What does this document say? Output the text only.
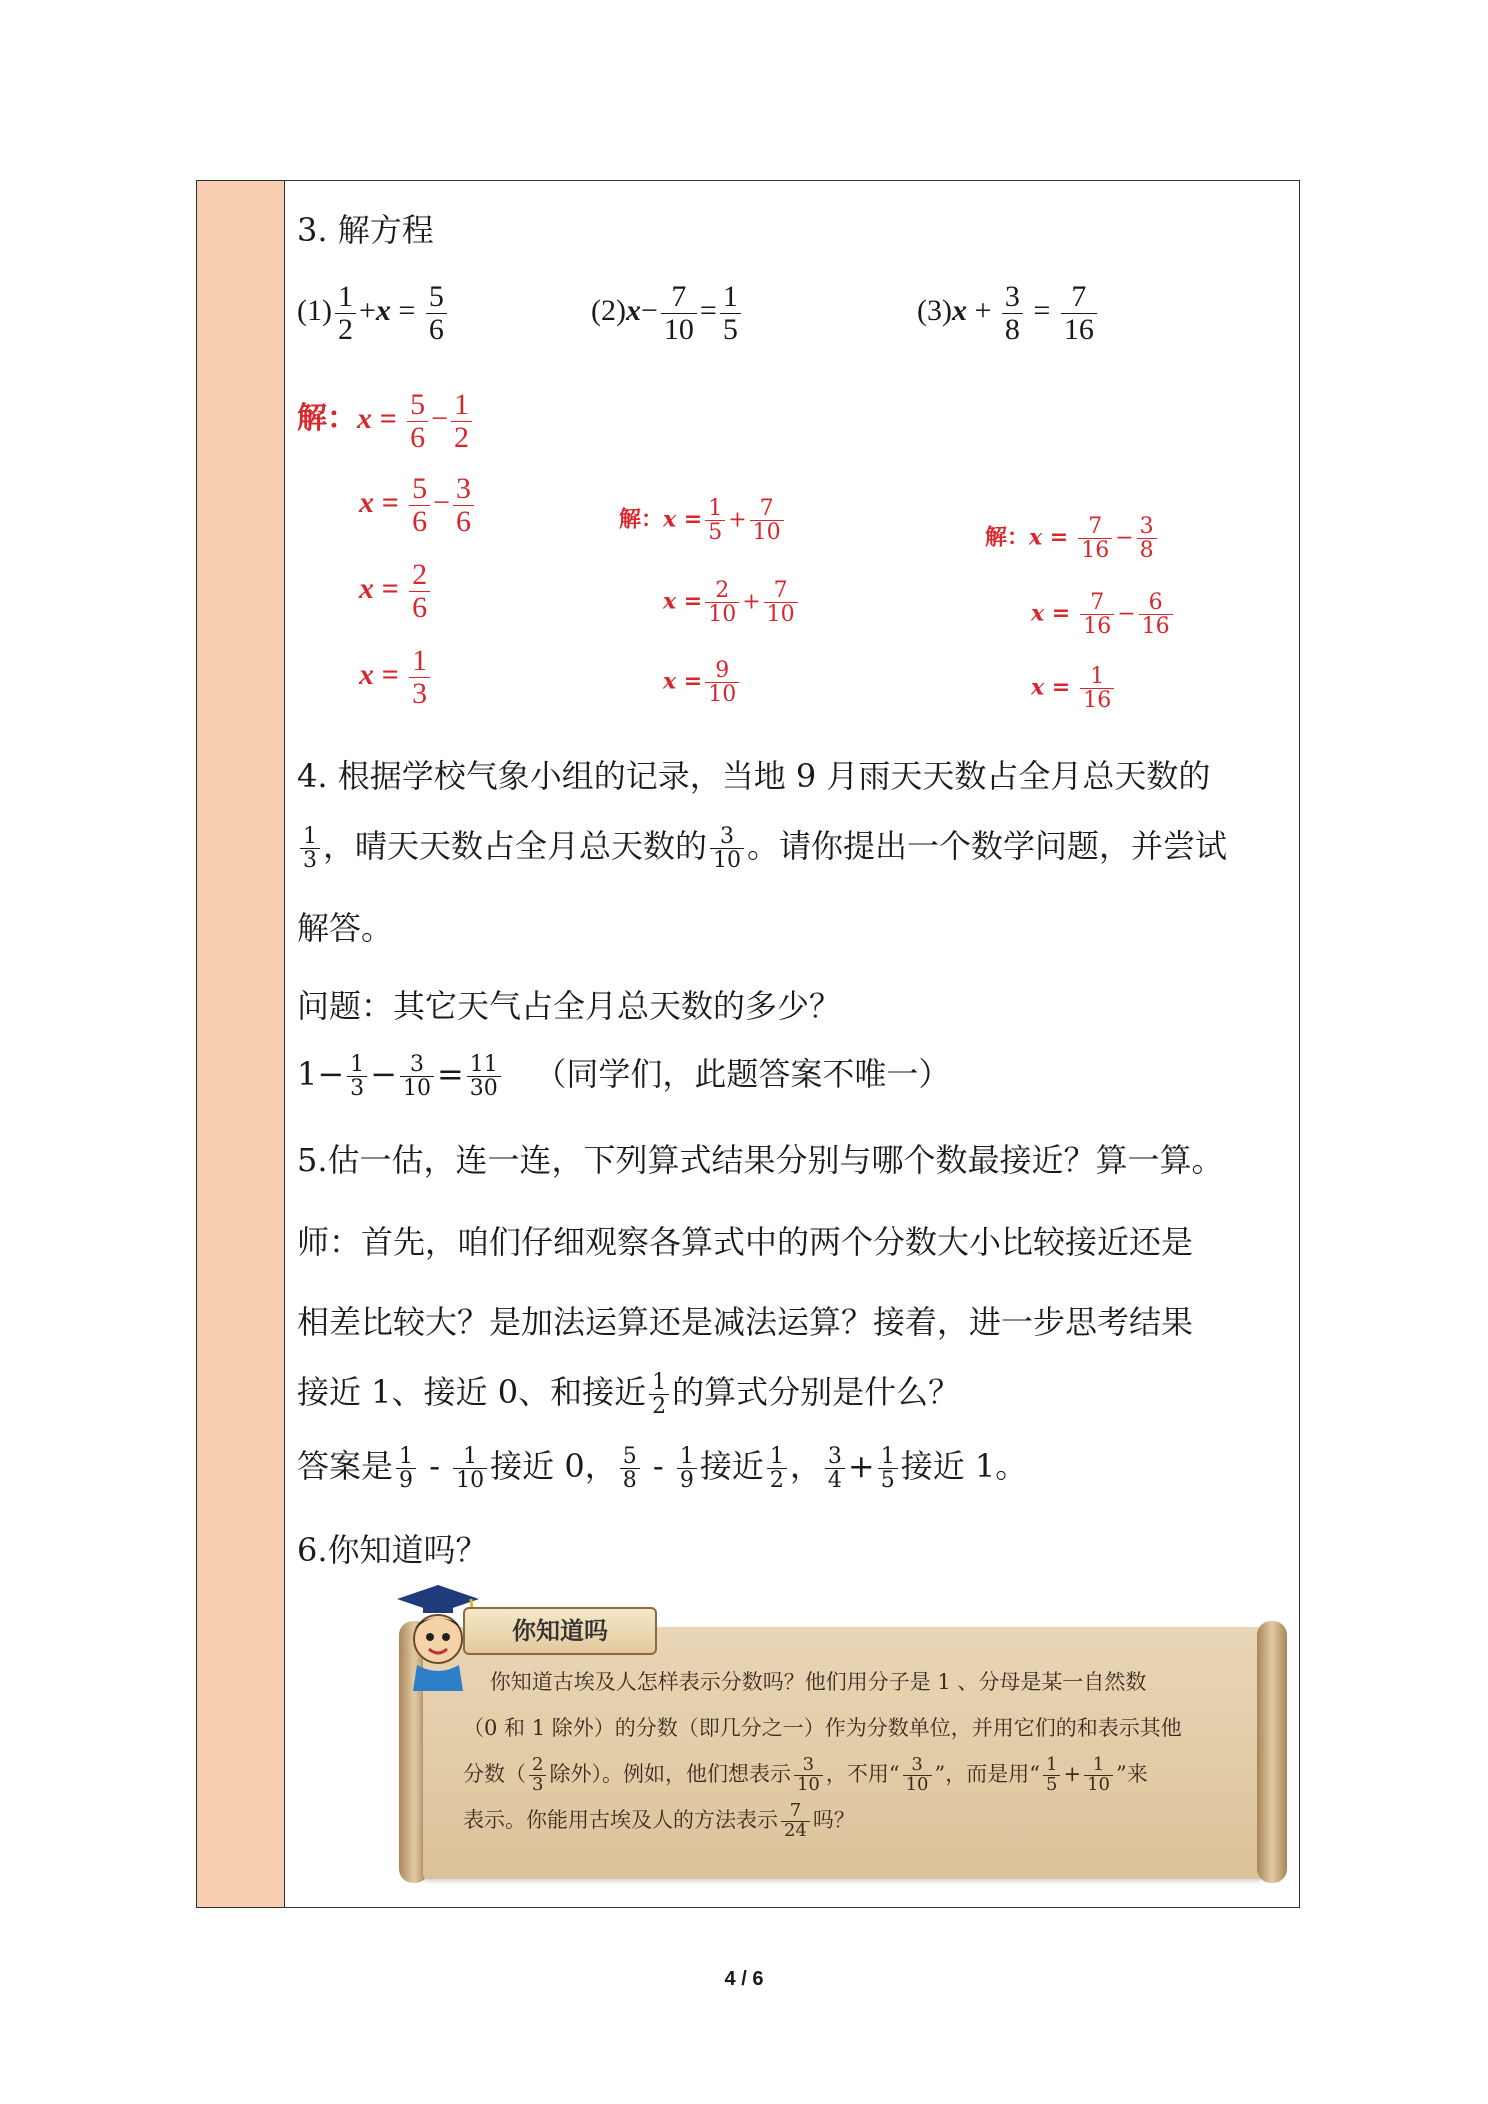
3. 解方程
$(1) \frac{1}{2} +x = \frac{5}{6}$	$(2)x- \frac{7}{10} = \frac{1}{5}$	$(3)x + \frac{3}{8} = \frac{7}{16}$
解：$x = \frac{5}{6} - \frac{1}{2}$
$x = \frac{5}{6} - \frac{3}{6}$
$x = \frac{2}{6}$
$x = \frac{1}{3}$
解：$x = \frac{1}{5} + \frac{7}{10}$
$x = \frac{2}{10} + \frac{7}{10}$
$x = \frac{9}{10}$
解：$x = \frac{7}{16} - \frac{3}{8}$
$x = \frac{7}{16} - \frac{6}{16}$
$x = \frac{1}{16}$
4. 根据学校气象小组的记录，当地 9 月雨天天数占全月总天数的
$\frac{1}{3}$ ，晴天天数占全月总天数的 $\frac{3}{10}$ 。请你提出一个数学问题，并尝试
解答。
问题：其它天气占全月总天数的多少？
$1- \frac{1}{3} - \frac{3}{10} = \frac{11}{30}$ （同学们，此题答案不唯一）
5.估一估，连一连，下列算式结果分别与哪个数最接近？算一算。
师：首先，咱们仔细观察各算式中的两个分数大小比较接近还是
相差比较大？是加法运算还是减法运算？接着，进一步思考结果
接近 1、接近 0、和接近 $\frac{1}{2}$ 的算式分别是什么？
答案是 $\frac{1}{9} - \frac{1}{10}$ 接近 0， $\frac{5}{8} - \frac{1}{9}$ 接近 $\frac{1}{2}$ ， $\frac{3}{4} + \frac{1}{5}$ 接近 1。
6.你知道吗？
你知道吗
你知道古埃及人怎样表示分数吗？他们用分子是 1 、分母是某一自然数
（0 和 1 除外）的分数（即几分之一）作为分数单位，并用它们的和表示其他
分数（ $\frac{2}{3}$ 除外）。例如，他们想表示 $\frac{3}{10}$ ，不用“ $\frac{3}{10}$ ”，而是用“ $\frac{1}{5} + \frac{1}{10}$ ”来
表示。你能用古埃及人的方法表示 $\frac{7}{24}$ 吗？
4 / 6
